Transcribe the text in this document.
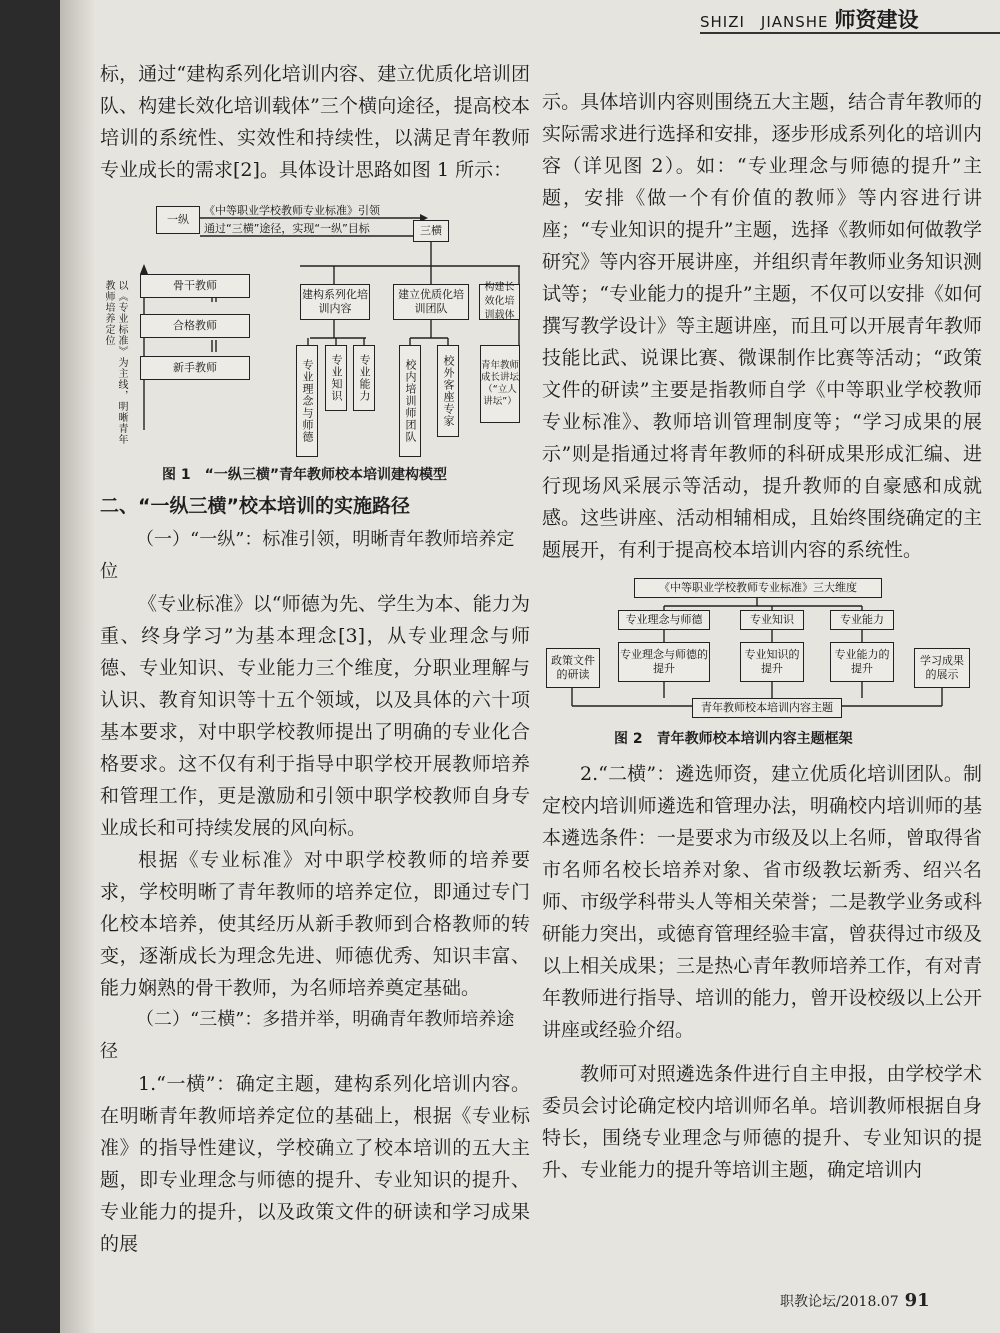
SHIZI　JIANSHE 师资建设

标，通过“建构系列化培训内容、建立优质化培训团队、构建长效化培训载体”三个横向途径，提高校本培训的系统性、实效性和持续性，以满足青年教师专业成长的需求[2]。具体设计思路如图 1 所示：

一纵
《中等职业学校教师专业标准》引领
通过“三横”途径，实现“一纵”目标	三横
以《专业标准》为主线，明晰青年教师培养定位	骨干教师
合格教师
新手教师
建构系列化培训内容
建立优质化培训团队
构建长效化培训载体
专业理念与师德	专业知识	专业能力	校内培训师团队	校外客座专家	青年教师成长讲坛（“立人讲坛”）

图 1　“一纵三横”青年教师校本培训建构模型

二、“一纵三横”校本培训的实施路径
（一）“一纵”：标准引领，明晰青年教师培养定位

《专业标准》以“师德为先、学生为本、能力为重、终身学习”为基本理念[3]，从专业理念与师德、专业知识、专业能力三个维度，分职业理解与认识、教育知识等十五个领域，以及具体的六十项基本要求，对中职学校教师提出了明确的专业化合格要求。这不仅有利于指导中职学校开展教师培养和管理工作，更是激励和引领中职学校教师自身专业成长和可持续发展的风向标。

根据《专业标准》对中职学校教师的培养要求，学校明晰了青年教师的培养定位，即通过专门化校本培养，使其经历从新手教师到合格教师的转变，逐渐成长为理念先进、师德优秀、知识丰富、能力娴熟的骨干教师，为名师培养奠定基础。

（二）“三横”：多措并举，明确青年教师培养途径

1.“一横”：确定主题，建构系列化培训内容。在明晰青年教师培养定位的基础上，根据《专业标准》的指导性建议，学校确立了校本培训的五大主题，即专业理念与师德的提升、专业知识的提升、专业能力的提升，以及政策文件的研读和学习成果的展

示。具体培训内容则围绕五大主题，结合青年教师的实际需求进行选择和安排，逐步形成系列化的培训内容（详见图 2）。如：“专业理念与师德的提升”主题，安排《做一个有价值的教师》等内容进行讲座；“专业知识的提升”主题，选择《教师如何做教学研究》等内容开展讲座，并组织青年教师业务知识测试等；“专业能力的提升”主题，不仅可以安排《如何撰写教学设计》等主题讲座，而且可以开展青年教师技能比武、说课比赛、微课制作比赛等活动；“政策文件的研读”主要是指教师自学《中等职业学校教师专业标准》、教师培训管理制度等；“学习成果的展示”则是指通过将青年教师的科研成果形成汇编、进行现场风采展示等活动，提升教师的自豪感和成就感。这些讲座、活动相辅相成，且始终围绕确定的主题展开，有利于提高校本培训内容的系统性。

《中等职业学校教师专业标准》三大维度
专业理念与师德	专业知识	专业能力
政策文件的研读
专业理念与师德的提升
专业知识的提升
专业能力的提升
学习成果的展示
青年教师校本培训内容主题

图 2　青年教师校本培训内容主题框架

2.“二横”：遴选师资，建立优质化培训团队。制定校内培训师遴选和管理办法，明确校内培训师的基本遴选条件：一是要求为市级及以上名师，曾取得省市名师名校长培养对象、省市级教坛新秀、绍兴名师、市级学科带头人等相关荣誉；二是教学业务或科研能力突出，或德育管理经验丰富，曾获得过市级及以上相关成果；三是热心青年教师培养工作，有对青年教师进行指导、培训的能力，曾开设校级以上公开讲座或经验介绍。

教师可对照遴选条件进行自主申报，由学校学术委员会讨论确定校内培训师名单。培训教师根据自身特长，围绕专业理念与师德的提升、专业知识的提升、专业能力的提升等培训主题，确定培训内

职教论坛/2018.07 91
